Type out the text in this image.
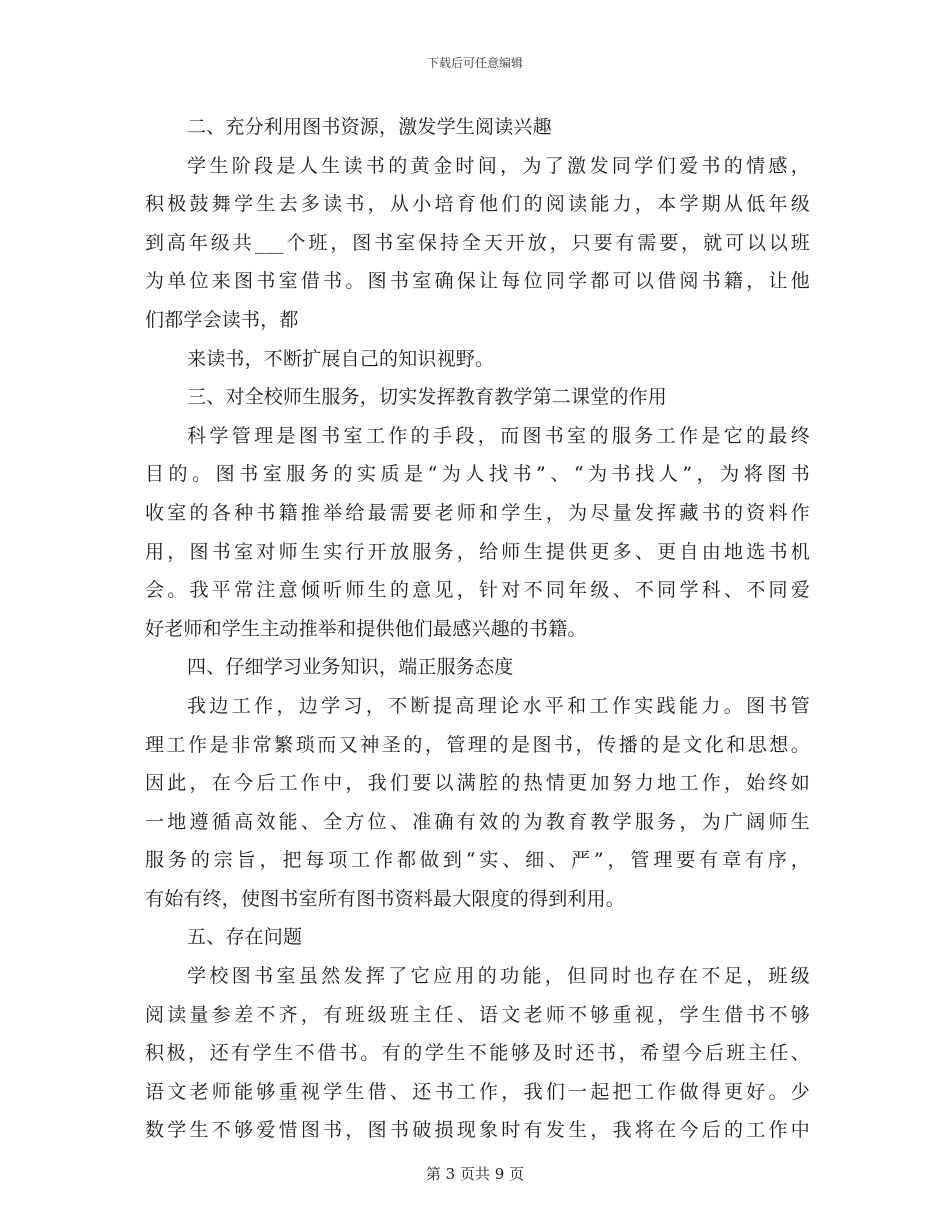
下载后可任意编辑
二、充分利用图书资源，激发学生阅读兴趣
学生阶段是人生读书的黄金时间，为了激发同学们爱书的情感，
积极鼓舞学生去多读书，从小培育他们的阅读能力，本学期从低年级
到高年级共___个班，图书室保持全天开放，只要有需要，就可以以班
为单位来图书室借书。图书室确保让每位同学都可以借阅书籍，让他
们都学会读书，都
来读书，不断扩展自己的知识视野。
三、对全校师生服务，切实发挥教育教学第二课堂的作用
科学管理是图书室工作的手段，而图书室的服务工作是它的最终
目的。图书室服务的实质是“为人找书”、“为书找人”，为将图书
收室的各种书籍推举给最需要老师和学生，为尽量发挥藏书的资料作
用，图书室对师生实行开放服务，给师生提供更多、更自由地选书机
会。我平常注意倾听师生的意见，针对不同年级、不同学科、不同爱
好老师和学生主动推举和提供他们最感兴趣的书籍。
四、仔细学习业务知识，端正服务态度
我边工作，边学习，不断提高理论水平和工作实践能力。图书管
理工作是非常繁琐而又神圣的，管理的是图书，传播的是文化和思想。
因此，在今后工作中，我们要以满腔的热情更加努力地工作，始终如
一地遵循高效能、全方位、准确有效的为教育教学服务，为广阔师生
服务的宗旨，把每项工作都做到“实、细、严”，管理要有章有序，
有始有终，使图书室所有图书资料最大限度的得到利用。
五、存在问题
学校图书室虽然发挥了它应用的功能，但同时也存在不足，班级
阅读量参差不齐，有班级班主任、语文老师不够重视，学生借书不够
积极，还有学生不借书。有的学生不能够及时还书，希望今后班主任、
语文老师能够重视学生借、还书工作，我们一起把工作做得更好。少
数学生不够爱惜图书，图书破损现象时有发生，我将在今后的工作中
第 3 页共 9 页
